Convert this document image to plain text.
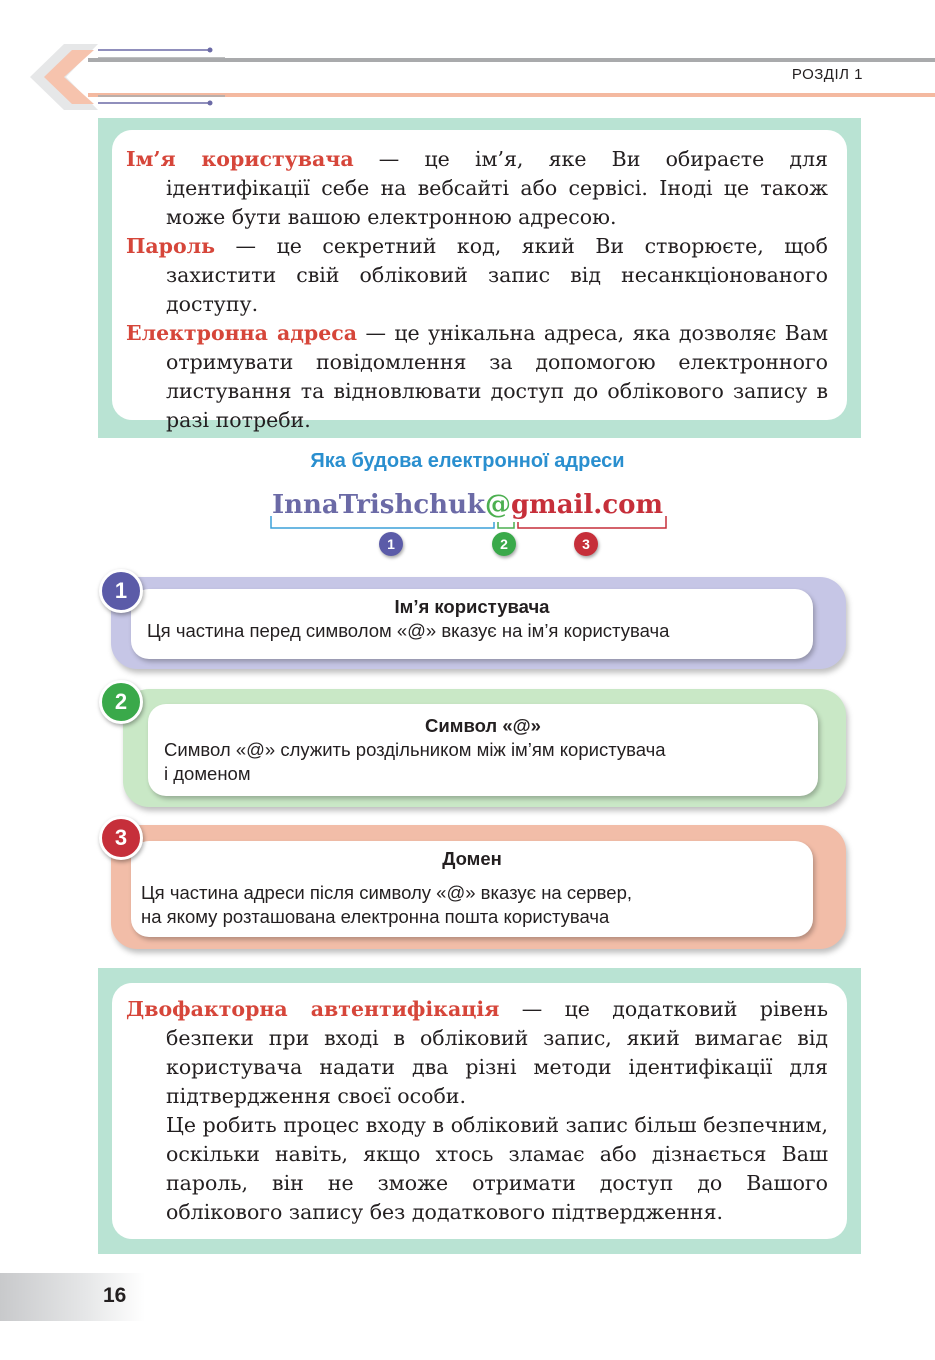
РОЗДІЛ 1

Ім’я користувача — це ім’я, яке Ви обираєте для ідентифікації себе на вебсайті або сервісі. Іноді це також може бути вашою електронною адресою.

Пароль — це секретний код, який Ви створюєте, щоб захистити свій обліковий запис від несанкціонованого доступу.

Електронна адреса — це унікальна адреса, яка дозволяє Вам отримувати повідомлення за допомогою електронного листування та відновлювати доступ до облікового запису в разі потреби.

Яка будова електронної адреси
InnaTrishchuk@gmail.com
1	2	3
Ім’я користувача
Ця частина перед символом «@» вказує на ім’я користувача
1
Символ «@»
Символ «@» служить роздільником між ім’ям користувача
і доменом
2
Домен
Ця частина адреси після символу «@» вказує на сервер,
на якому розташована електронна пошта користувача
3

Двофакторна автентифікація — це додатковий рівень безпеки при вході в обліковий запис, який вимагає від користувача надати два різні методи ідентифікації для підтвердження своєї особи.

Це робить процес входу в обліковий запис більш безпечним, оскільки навіть, якщо хтось зламає або дізнається Ваш пароль, він не зможе отримати доступ до Вашого облікового запису без додаткового підтвердження.

16
